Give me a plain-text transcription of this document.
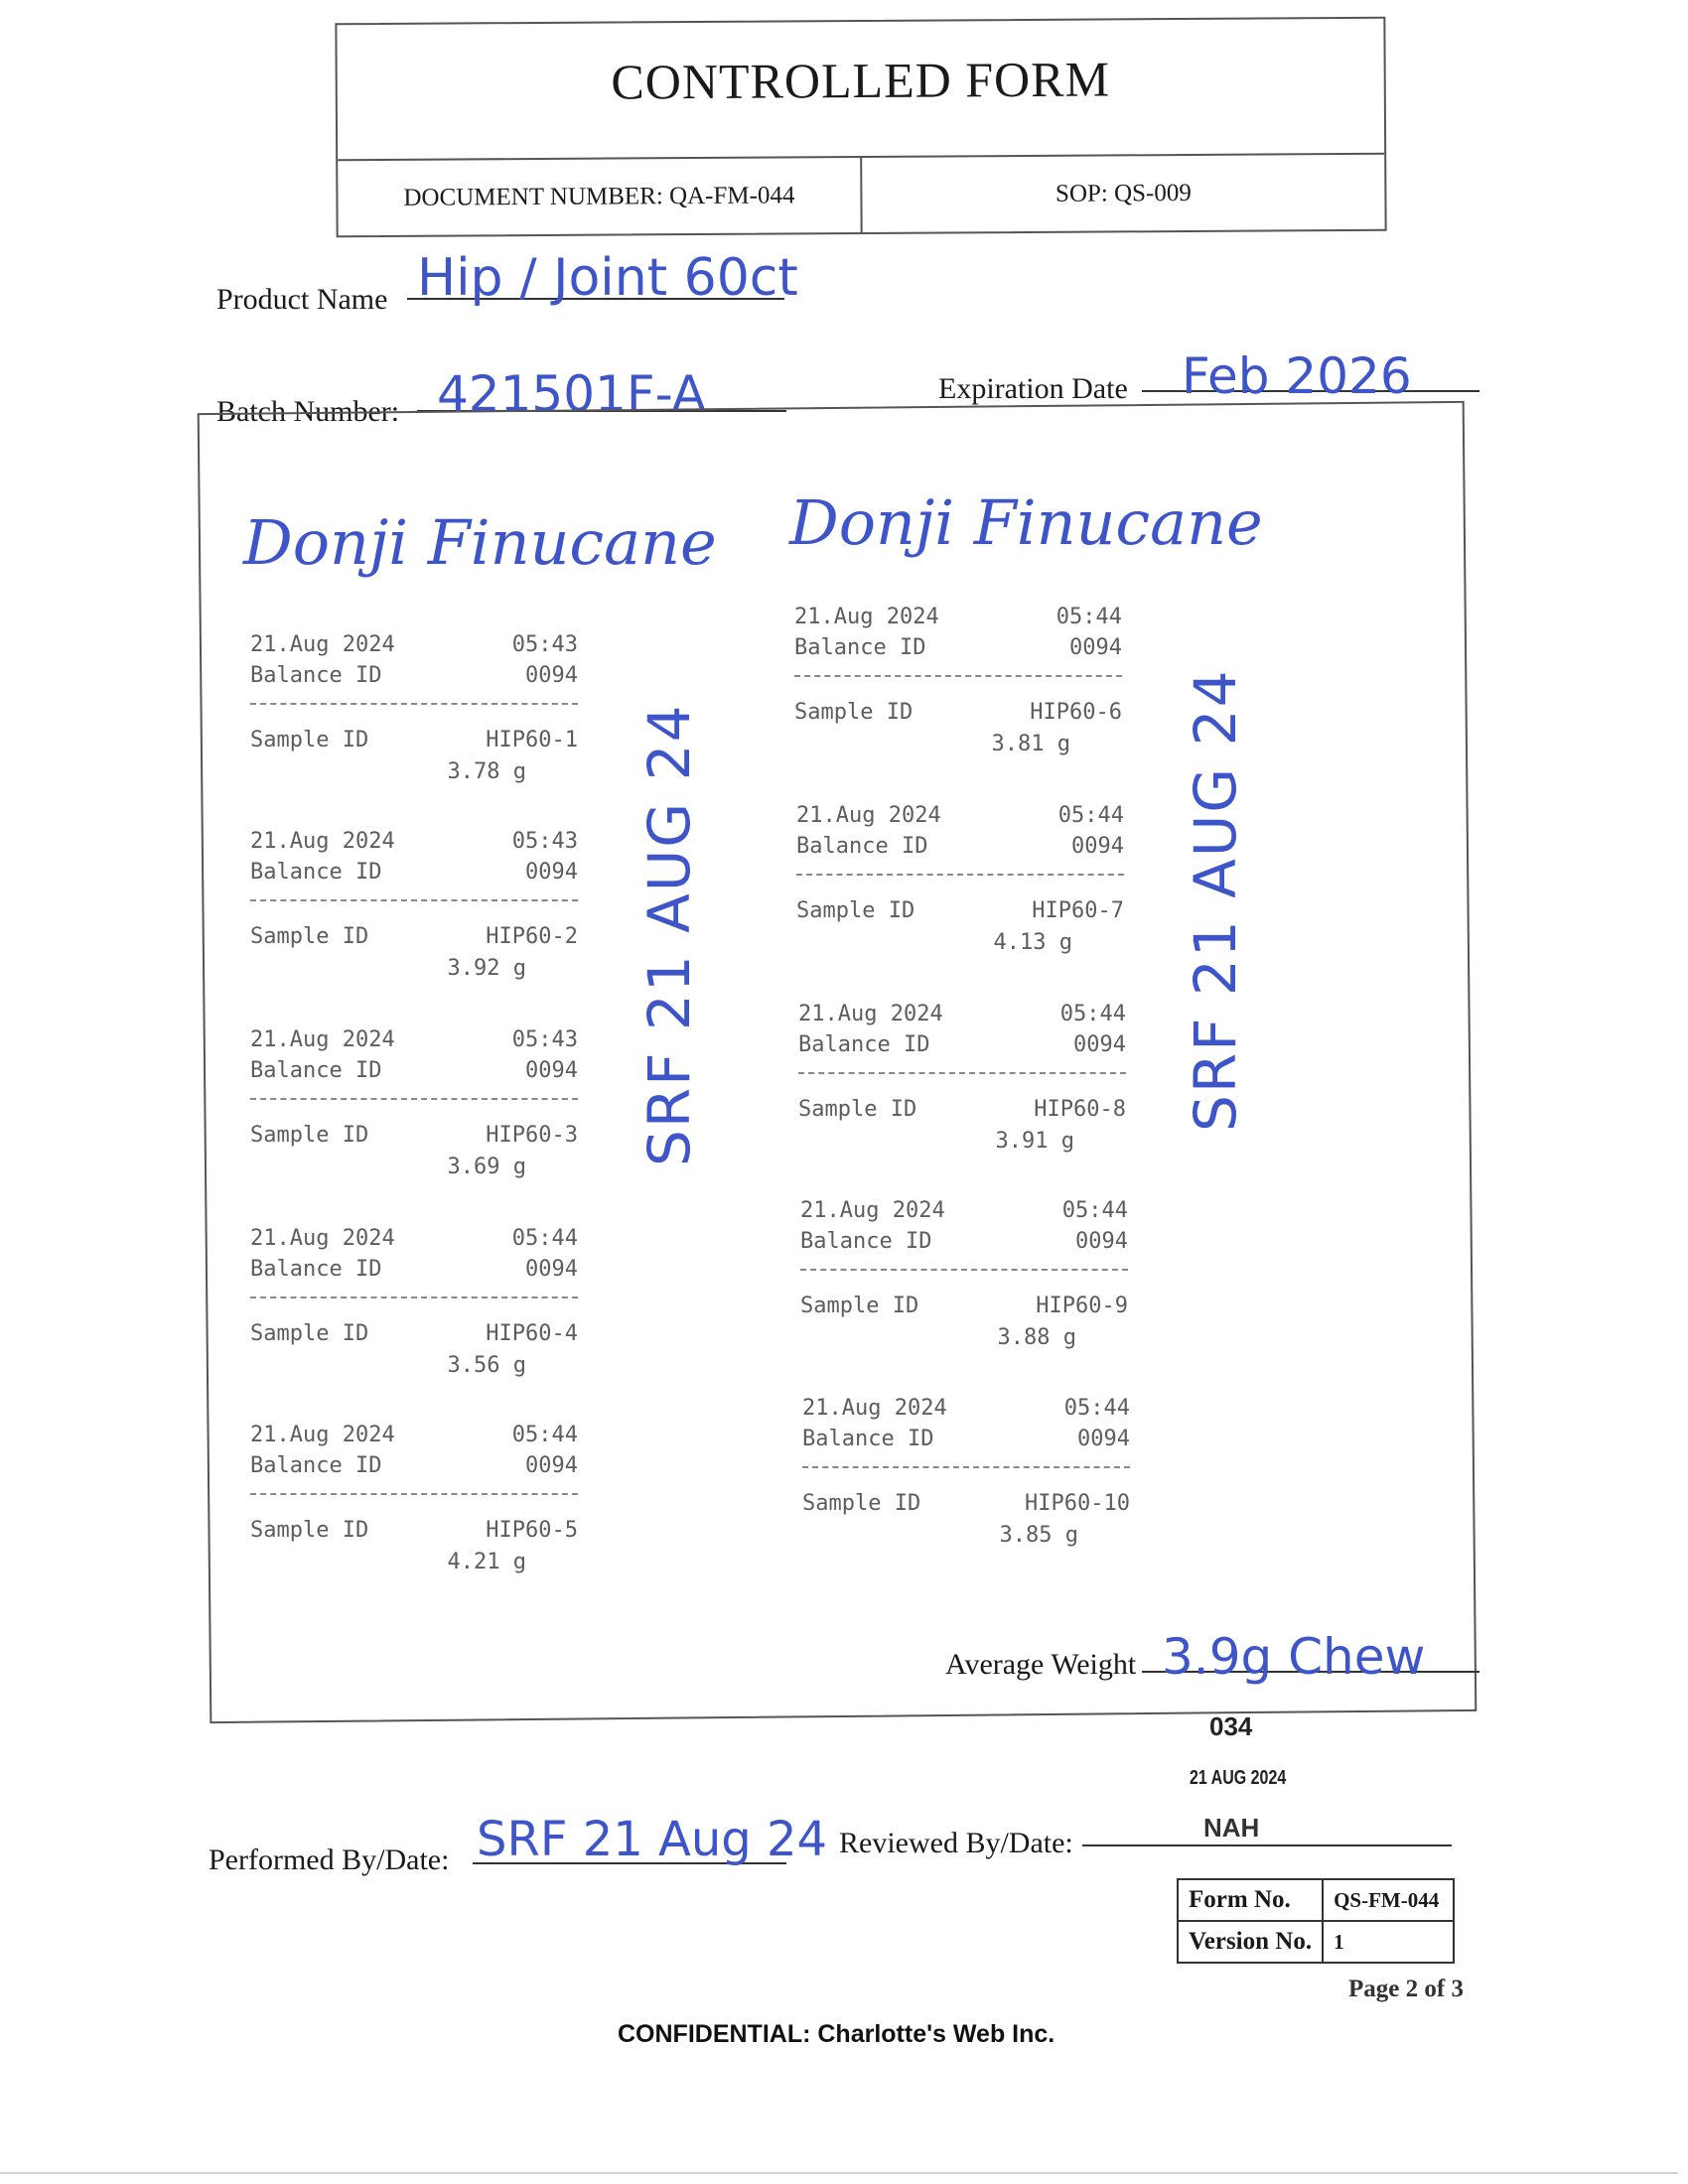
CONTROLLED FORM
DOCUMENT NUMBER: QA-FM-044	SOP: QS-009
Product Name Hip / Joint 60ct
Batch Number: 421501F-A	Expiration Date Feb 2026
Donji Finucane Donji Finucane
21.Aug 2024	05:43
Balance ID	0094
Sample ID	HIP60-1
3.78 g
21.Aug 2024	05:43
Balance ID	0094
Sample ID	HIP60-2
3.92 g
21.Aug 2024	05:43
Balance ID	0094
Sample ID	HIP60-3
3.69 g
21.Aug 2024	05:44
Balance ID	0094
Sample ID	HIP60-4
3.56 g
21.Aug 2024	05:44
Balance ID	0094
Sample ID	HIP60-5
4.21 g
21.Aug 2024	05:44
Balance ID	0094
Sample ID	HIP60-6
3.81 g
21.Aug 2024	05:44
Balance ID	0094
Sample ID	HIP60-7
4.13 g
21.Aug 2024	05:44
Balance ID	0094
Sample ID	HIP60-8
3.91 g
21.Aug 2024	05:44
Balance ID	0094
Sample ID	HIP60-9
3.88 g
21.Aug 2024	05:44
Balance ID	0094
Sample ID	HIP60-10
3.85 g
SRF 21 AUG 24	SRF 21 AUG 24
Average Weight 3.9g Chew
034
21 AUG 2024
Performed By/Date: SRF 21 Aug 24 Reviewed By/Date:	NAH
Form No.	QS-FM-044
Version No.	1
Page 2 of 3
CONFIDENTIAL: Charlotte's Web Inc.
